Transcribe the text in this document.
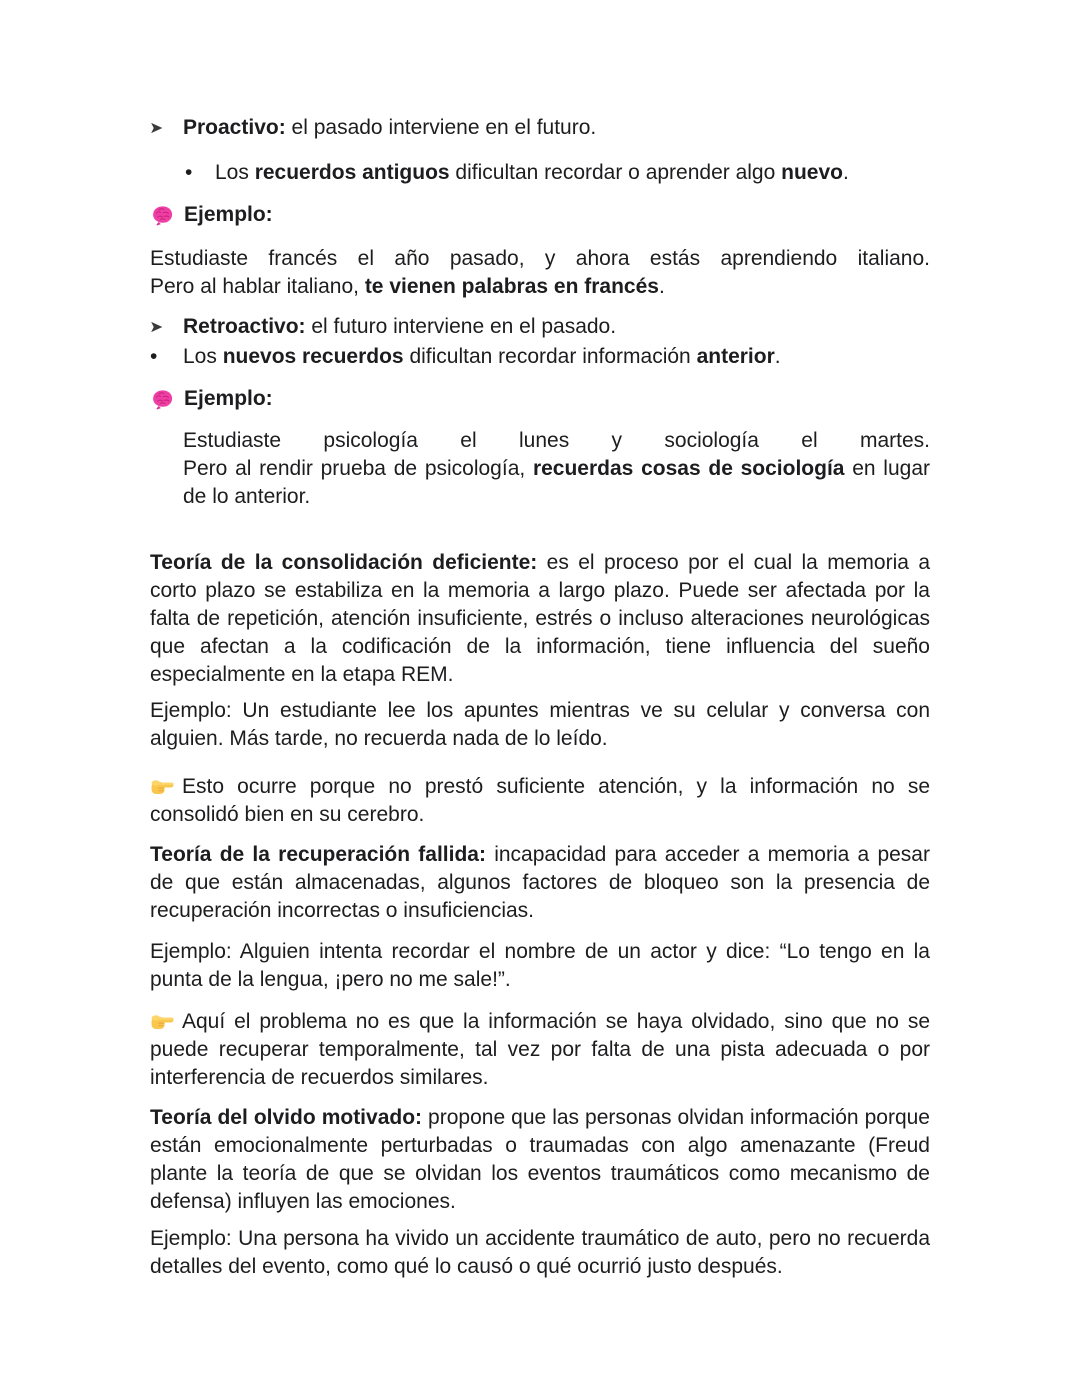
Proactivo: el pasado interviene en el futuro.
•	Los recuerdos antiguos dificultan recordar o aprender algo nuevo.
Ejemplo:
Estudiaste francés el año pasado, y ahora estás aprendiendo italiano.
Pero al hablar italiano, te vienen palabras en francés.
Retroactivo: el futuro interviene en el pasado.
•	Los nuevos recuerdos dificultan recordar información anterior.
Ejemplo:
Estudiaste psicología el lunes y sociología el martes.
Pero al rendir prueba de psicología, recuerdas cosas de sociología en lugar de lo anterior.

Teoría de la consolidación deficiente: es el proceso por el cual la memoria a corto plazo se estabiliza en la memoria a largo plazo. Puede ser afectada por la falta de repetición, atención insuficiente, estrés o incluso alteraciones neurológicas que afectan a la codificación de la información, tiene influencia del sueño especialmente en la etapa REM.

Ejemplo: Un estudiante lee los apuntes mientras ve su celular y conversa con alguien. Más tarde, no recuerda nada de lo leído.

Esto ocurre porque no prestó suficiente atención, y la información no se consolidó bien en su cerebro.

Teoría de la recuperación fallida: incapacidad para acceder a memoria a pesar de que están almacenadas, algunos factores de bloqueo son la presencia de recuperación incorrectas o insuficiencias.

Ejemplo: Alguien intenta recordar el nombre de un actor y dice: “Lo tengo en la punta de la lengua, ¡pero no me sale!”.

Aquí el problema no es que la información se haya olvidado, sino que no se puede recuperar temporalmente, tal vez por falta de una pista adecuada o por interferencia de recuerdos similares.

Teoría del olvido motivado: propone que las personas olvidan información porque están emocionalmente perturbadas o traumadas con algo amenazante (Freud plante la teoría de que se olvidan los eventos traumáticos como mecanismo de defensa) influyen las emociones.

Ejemplo: Una persona ha vivido un accidente traumático de auto, pero no recuerda detalles del evento, como qué lo causó o qué ocurrió justo después.
